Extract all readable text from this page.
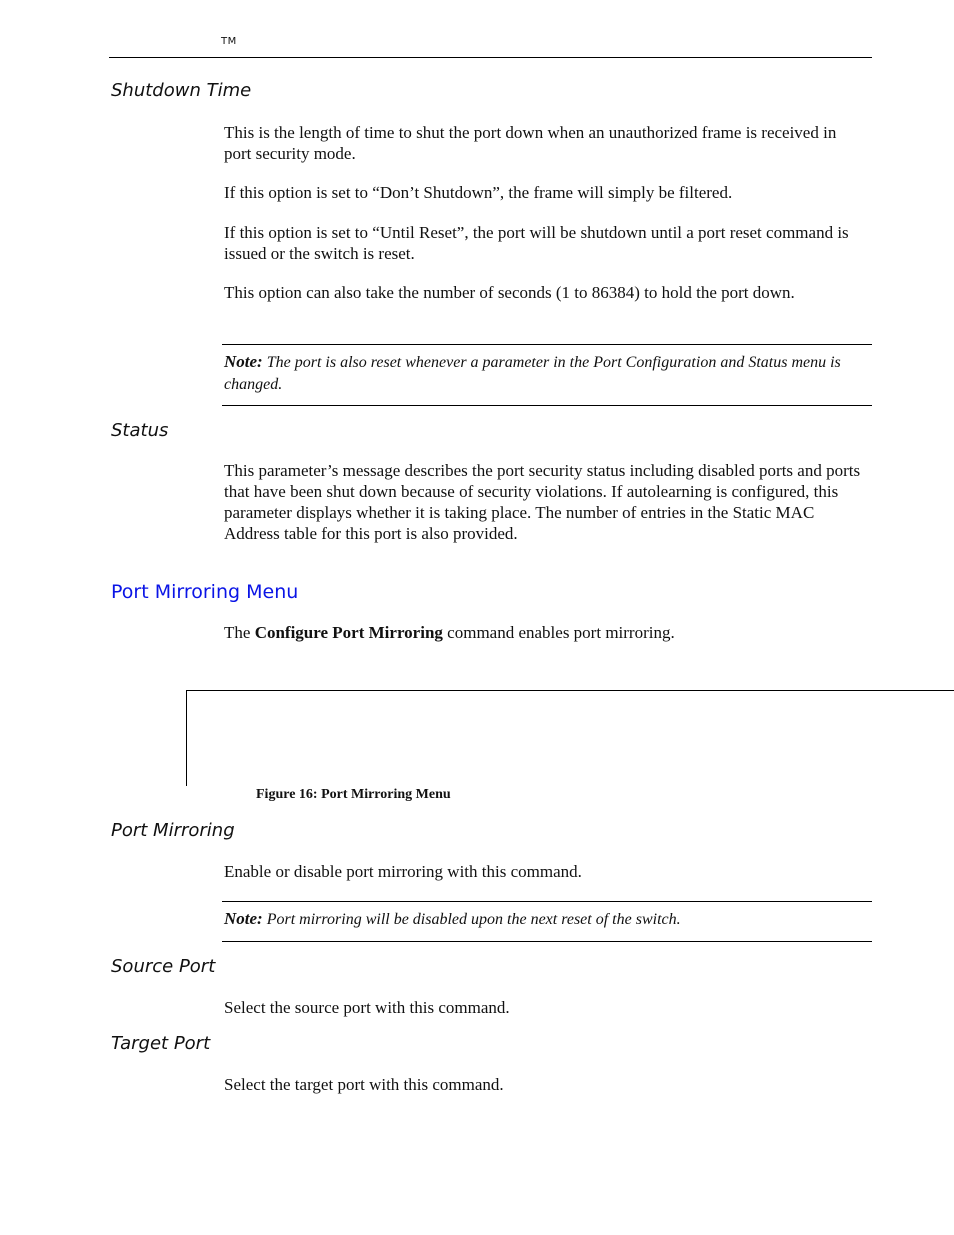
TM
Shutdown Time
This is the length of time to shut the port down when an unauthorized frame is received in port security mode.
If this option is set to “Don’t Shutdown”, the frame will simply be filtered.
If this option is set to “Until Reset”, the port will be shutdown until a port reset command is issued or the switch is reset.
This option can also take the number of seconds (1 to 86384) to hold the port down.
Note: The port is also reset whenever a parameter in the Port Configuration and Status menu is changed.
Status
This parameter’s message describes the port security status including disabled ports and ports that have been shut down because of security violations. If autolearning is configured, this parameter displays whether it is taking place. The number of entries in the Static MAC Address table for this port is also provided.
Port Mirroring Menu
The Configure Port Mirroring command enables port mirroring.
Figure 16: Port Mirroring Menu
Port Mirroring
Enable or disable port mirroring with this command.
Note: Port mirroring will be disabled upon the next reset of the switch.
Source Port
Select the source port with this command.
Target Port
Select the target port with this command.
